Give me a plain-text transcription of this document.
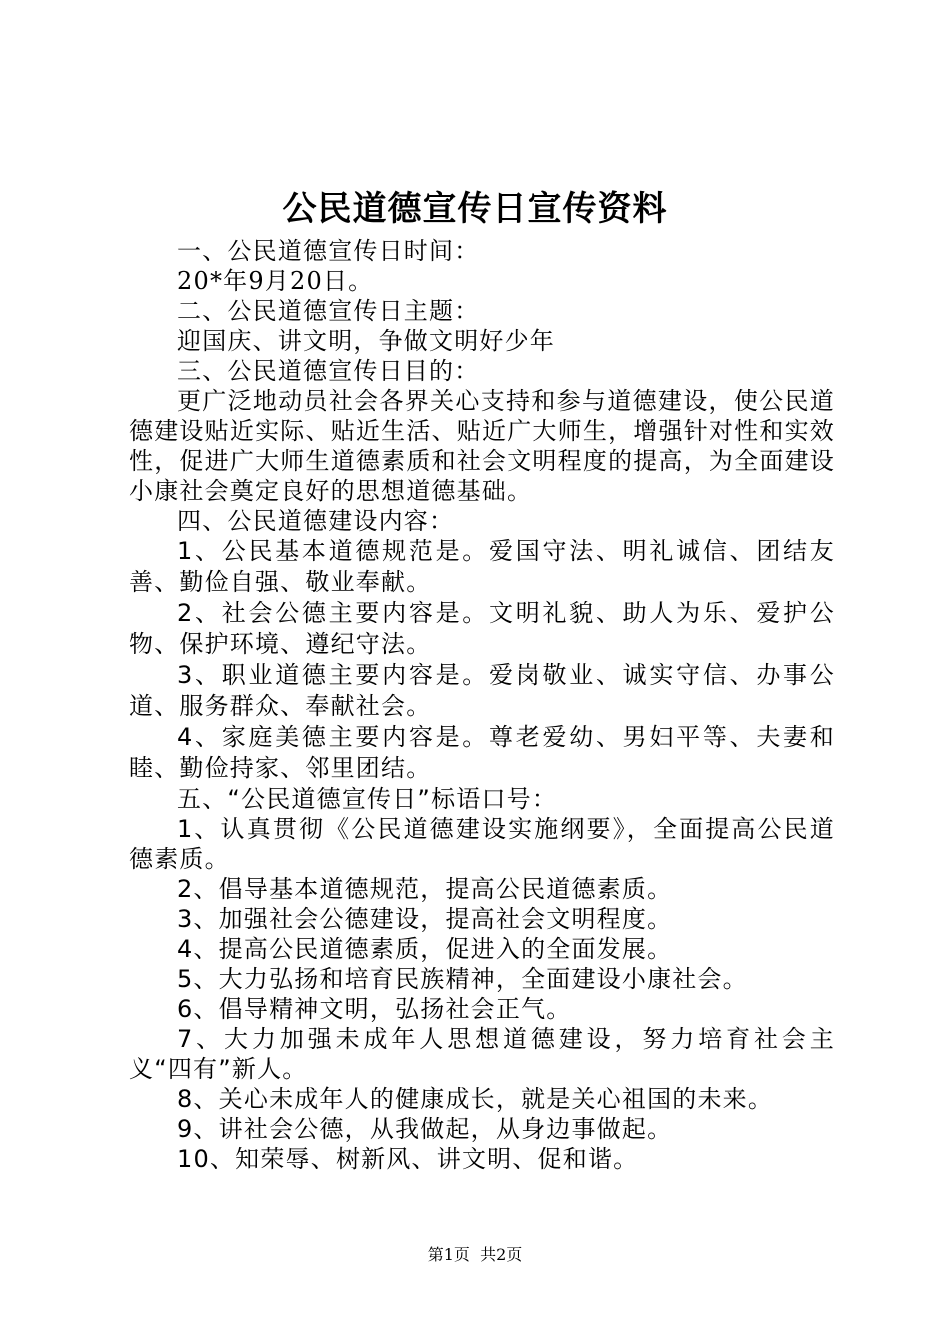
公民道德宣传日宣传资料

一、公民道德宣传日时间：

20*年9月20日。

二、公民道德宣传日主题：

迎国庆、讲文明，争做文明好少年

三、公民道德宣传日目的：

更广泛地动员社会各界关心支持和参与道德建设，使公民道德建设贴近实际、贴近生活、贴近广大师生，增强针对性和实效性，促进广大师生道德素质和社会文明程度的提高，为全面建设小康社会奠定良好的思想道德基础。

四、公民道德建设内容：

1、公民基本道德规范是。爱国守法、明礼诚信、团结友善、勤俭自强、敬业奉献。

2、社会公德主要内容是。文明礼貌、助人为乐、爱护公物、保护环境、遵纪守法。

3、职业道德主要内容是。爱岗敬业、诚实守信、办事公道、服务群众、奉献社会。

4、家庭美德主要内容是。尊老爱幼、男妇平等、夫妻和睦、勤俭持家、邻里团结。

五、“公民道德宣传日”标语口号：

1、认真贯彻《公民道德建设实施纲要》，全面提高公民道德素质。

2、倡导基本道德规范，提高公民道德素质。

3、加强社会公德建设，提高社会文明程度。

4、提高公民道德素质，促进入的全面发展。

5、大力弘扬和培育民族精神，全面建设小康社会。

6、倡导精神文明，弘扬社会正气。

7、大力加强未成年人思想道德建设，努力培育社会主义“四有”新人。

8、关心未成年人的健康成长，就是关心祖国的未来。

9、讲社会公德，从我做起，从身边事做起。

10、知荣辱、树新风、讲文明、促和谐。

第1页 共2页
